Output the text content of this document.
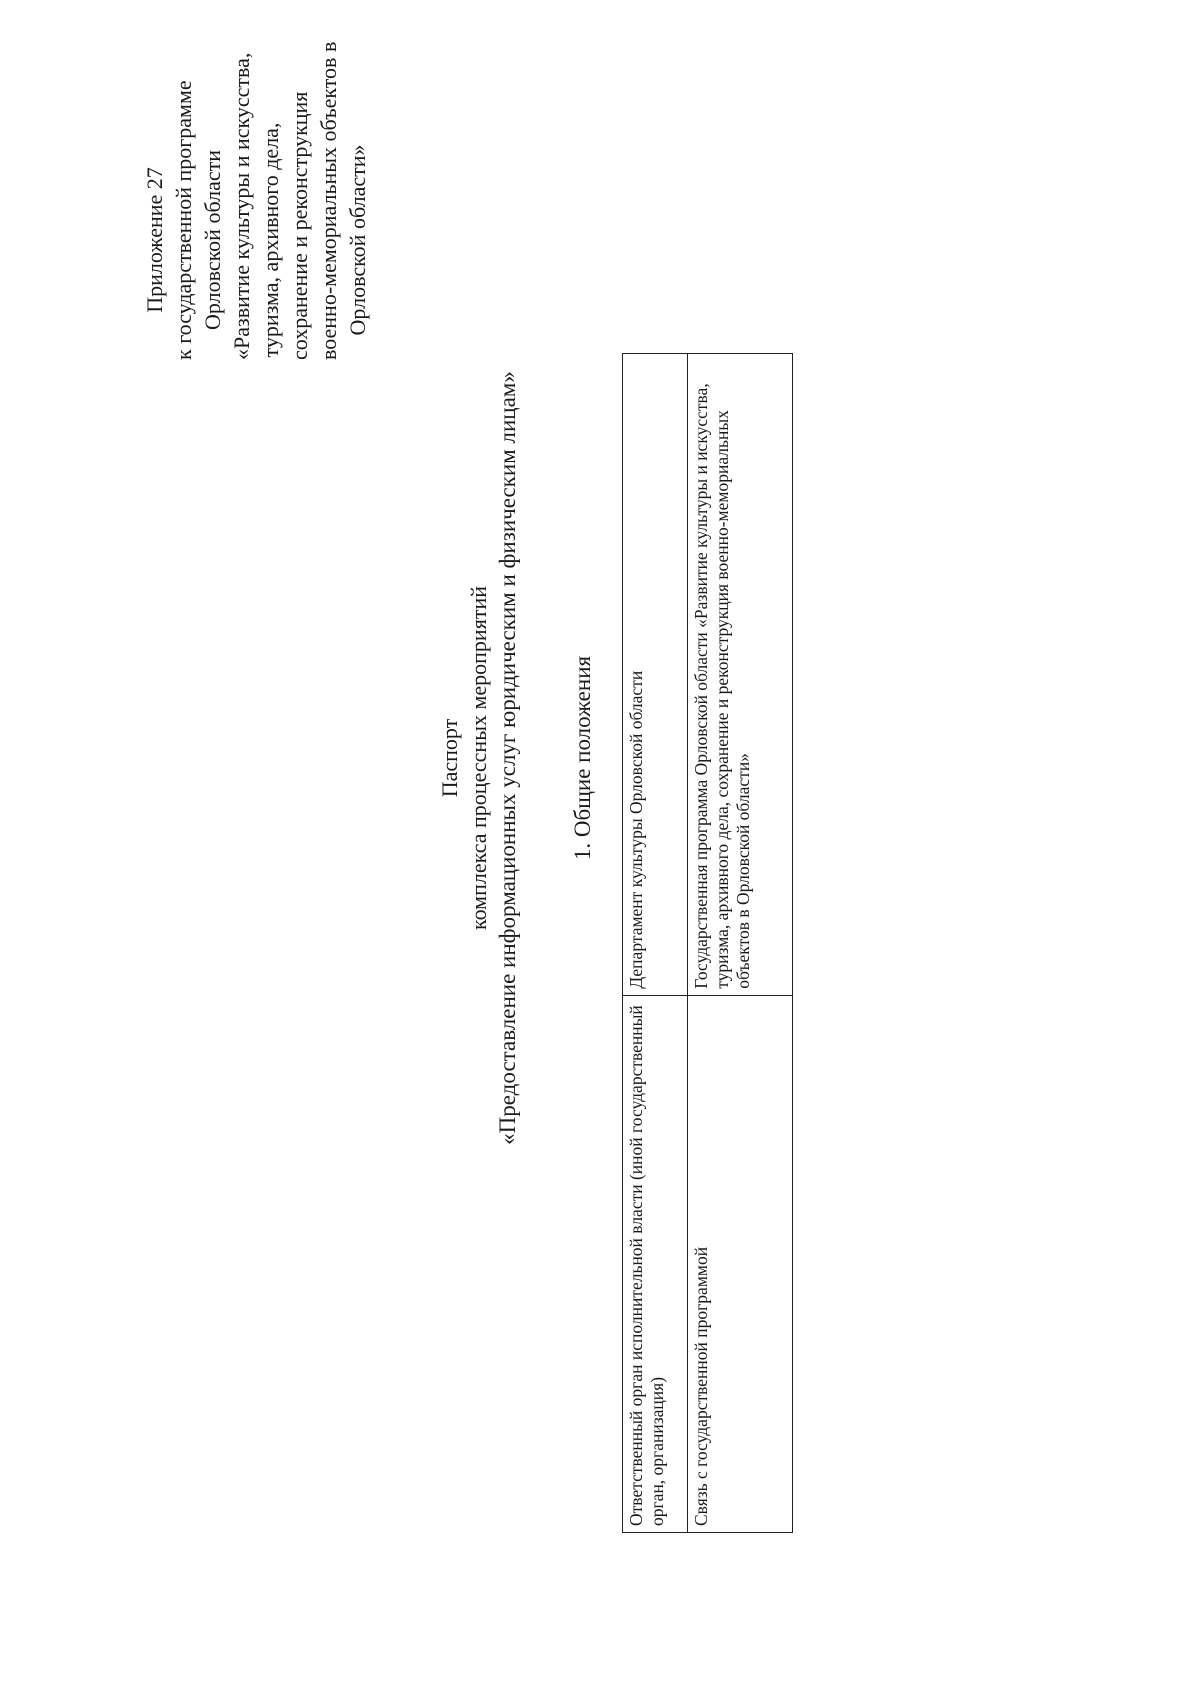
Приложение 27 к государственной программе Орловской области «Развитие культуры и искусства, туризма, архивного дела, сохранение и реконструкция военно-мемориальных объектов в Орловской области»
Паспорт комплекса процессных мероприятий «Предоставление информационных услуг юридическим и физическим лицам» 1. Общие положения
Ответственный орган исполнительной власти (иной государственный орган, организация)	Департамент культуры Орловской области
Связь с государственной программой	Государственная программа Орловской области «Развитие культуры и искусства, туризма, архивного дела, сохранение и реконструкция военно-мемориальных объектов в Орловской области»
